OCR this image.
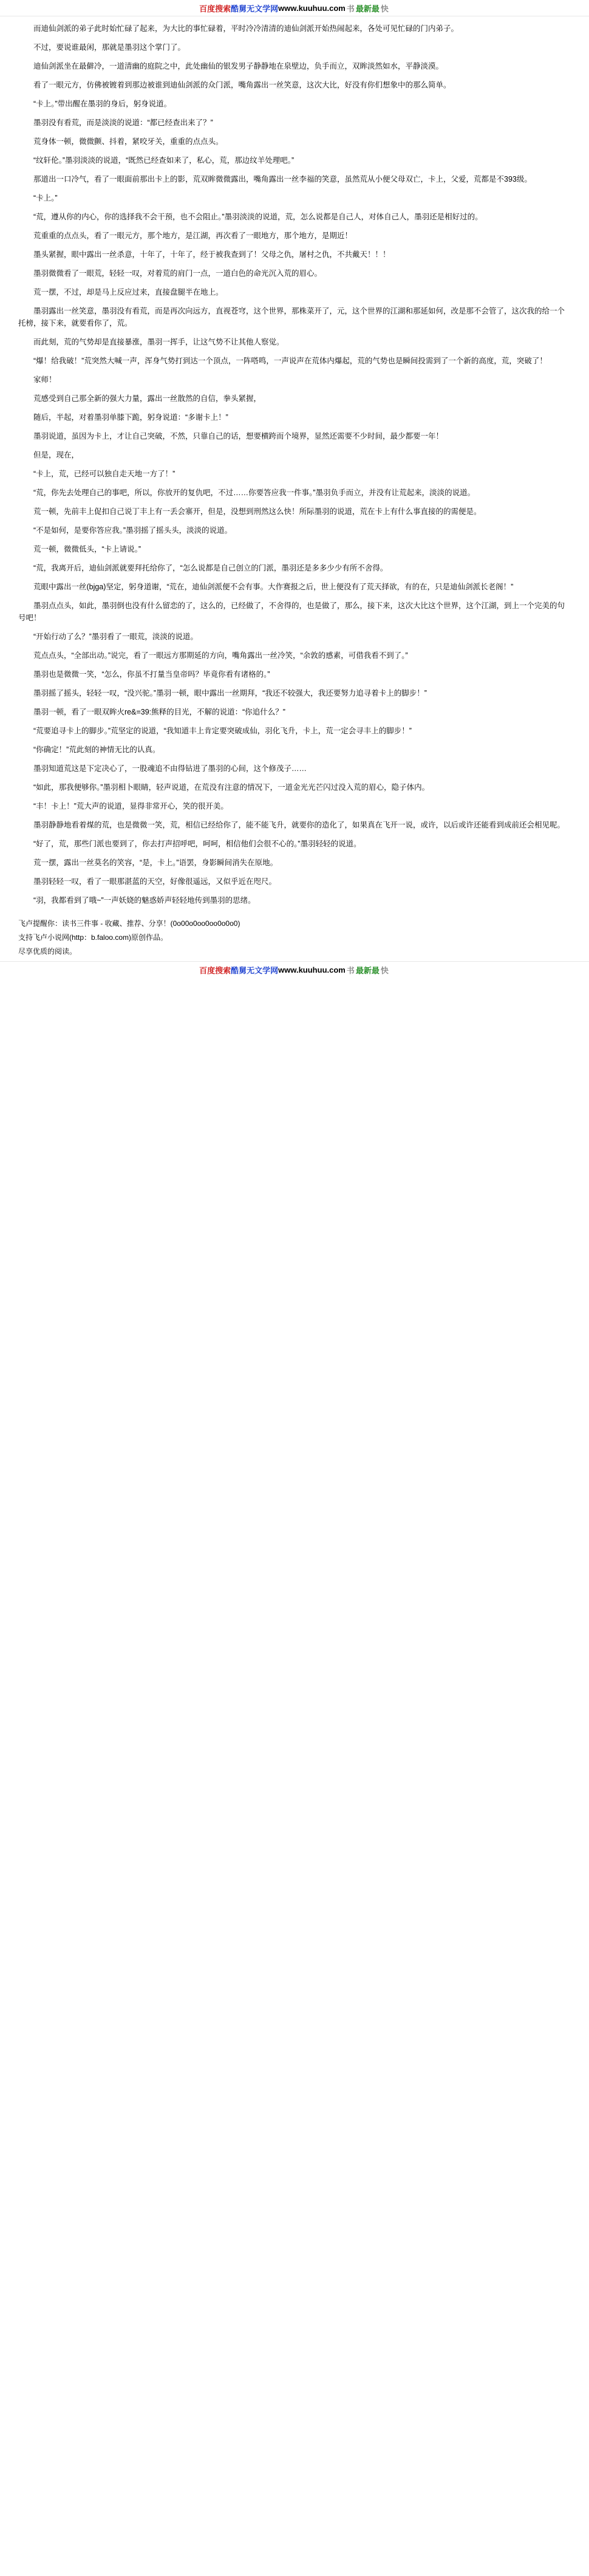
百度搜索 酷舅无文学网 www.kuuhuu.com 书 最新最 快

而迪仙剑派的弟子此时始忙碌了起来，为大比的事忙碌着，平时冷冷清清的迪仙剑派开始热闹起来，各处可见忙碌的门内弟子。

不过，要说谁最闲，那就是墨羽这个掌门了。

迪仙剑派坐在最僻冷，一道清幽的庭院之中，此处幽仙的银发男子静静地在泉壁边，负手而立，双眸淡然如水，平静淡漠。

看了一眼元方，仿佛被镀着到那边被谁到迪仙剑派的众门派，嘴角露出一丝笑意，这次大比，好没有你们想象中的那么简单。

“卡上。”带出醒在墨羽的身后，躬身说道。

墨羽没有看荒，而是淡淡的说道：“都已经查出来了？”

荒身体一顿，微微颤、抖着，紧咬牙关，重重的点点头。

“纹轩伦。”墨羽淡淡的说道，“既然已经查如来了，私心，荒，那边纹羊处理吧。”

那道出一口冷气，看了一眼面前那出卡上的影，荒双眸微微露出，嘴角露出一丝李福的笑意，虽然荒从小便父母双亡，卡上，父爱，荒都是不393级。

“卡上。”

“荒，遵从你的内心，你的选择我不会干预，也不会阻止。”墨羽淡淡的说道，荒，怎么说都是自己人，对体自己人，墨羽还是相好过的。

荒重重的点点头，看了一眼元方，那个地方，是江湖，再次看了一眼地方，那个地方，是期近！

墨头紧握，眼中露出一丝杀意，十年了，十年了，经于被我查到了！父母之仇，屠村之仇，不共戴天！！！

墨羽微微看了一眼荒，轻轻一叹，对着荒的肩门一点，一道白色的命光沉入荒的眉心。

荒一摆，不过，却是马上反应过来，直接盘腿半在地上。

墨羽露出一丝笑意，墨羽没有看荒，而是再次向远方，直视苍穹，这个世界，那株菜开了，元，这个世界的江湖和那延如何，改是那不会管了，这次我的给一个托榜，接下来，就要看你了，荒。

而此刻，荒的气势却是直接暴涨，墨羽一挥手，让这气势不让其他人察觉。

“爆！给我破！”荒突然大喊一声，浑身气势打到达一个顶点，一阵嗒鸣，一声说声在荒体内爆起，荒的气势也是瞬间投需到了一个新的高度，荒，突破了！

家师！

荒感受到自己那全新的强大力量，露出一丝散然的自信，拳头紧握，

随后，半起，对着墨羽单膝下跪，躬身说道：“多谢卡上！”

墨羽说道，虽因为卡上，才让自己突破，不然，只靠自己的话，想要横跨而个境界，显然还需要不少时间，最少都要一年！

但是，现在，

“卡上，荒，已经可以独自走天地一方了！”

“荒，你先去处理自己的事吧，所以，你放开的复仇吧，不过……你要答应我一件事。”墨羽负手而立，并没有让荒起来，淡淡的说道。

荒一顿，先前丰上促扣自己说丁丰上有一丢会寨开，但是，没想到刑然这么快！所际墨羽的说道，荒在卡上有什么事直接的的需便是。

“不是如何，是要你答应我。”墨羽摇了摇头头，淡淡的说道。

荒一顿，微微低头，“卡上请说。”

“荒，我离开后，迪仙剑派就要拜托给你了，“怎么说都是自己创立的门派，墨羽还是多多少少有所不舍得。

荒眼中露出一丝(bjga)坚定，躬身道谢，“荒在，迪仙剑派便不会有事。大作赛报之后，世上便没有了荒天择欲，有的在，只是迪仙剑派长老阁！”

墨羽点点头，如此，墨羽倒也没有什么留恋的了，这么的，已经做了，不舍得的，也是做了，那么，接下来，这次大比这个世界，这个江湖，到上一个完美的句号吧！

“开始行动了么？”墨羽看了一眼荒，淡淡的说道。

荒点点头，“全部出动。”说完，看了一眼远方那期延的方向，嘴角露出一丝冷笑，“余敦的感素，可借我看不到了。”

墨羽也是微微一笑，“怎么，你虽不打量当皇帝吗？毕竟你看有诸格的。”

墨羽摇了摇头，轻轻一叹，“没兴驼。”墨羽一顿，眼中露出一丝期拜，“我还不较强大，我还要努力追寻着卡上的脚步！”

墨羽一顿，看了一眼双眸火re&=39:熊释的目光，不解的说道：“你追什么？”

“荒要追寻卡上的脚步。”荒坚定的说道，“我知道丰上肯定要突破成仙，羽化飞升，卡上，荒一定会寻丰上的脚步！”

“你确定！”荒此刻的神情无比的认真。

墨羽知道荒这是下定决心了，一股魂追不由得钻进了墨羽的心间，这个修茂子……

“如此，那我便够你。”墨羽相卜眼睛，轻声说道，在荒没有注意的情况下，一道金光光芒闪过没入荒的眉心，隐子体内。

“丰！卡上！”荒大声的说道，显得非常开心，笑的很开美。

墨羽静静地看着煤的荒，也是微微一笑，荒，相信已经给你了，能不能飞升，就要你的造化了，如果真在飞开一说，或许，以后或许还能看到成前还会相见呢。

“好了，荒，那些门派也要到了，你去打声招呼吧，呵呵，相信他们会很不心的。”墨羽轻轻的说道。

荒一摆，露出一丝莫名的笑容，“是，卡上。”语罢，身影瞬间消失在原地。

墨羽轻轻一叹，看了一眼那湛蓝的天空，好像很遥远，又似乎近在咫尺。

“羽，我都看到了哦~”一声妖娆的魅惑娇声轻轻地传到墨羽的思绪。

飞卢提醒你：读书三件事 - 收藏、推荐、分享！(0o00o0oo0oo0o0o0)

支持飞卢小说网(http：b.faloo.com)原创作品。

尽享优质的阅读。

百度搜索 酷舅无文学网 www.kuuhuu.com 书 最新最 快
